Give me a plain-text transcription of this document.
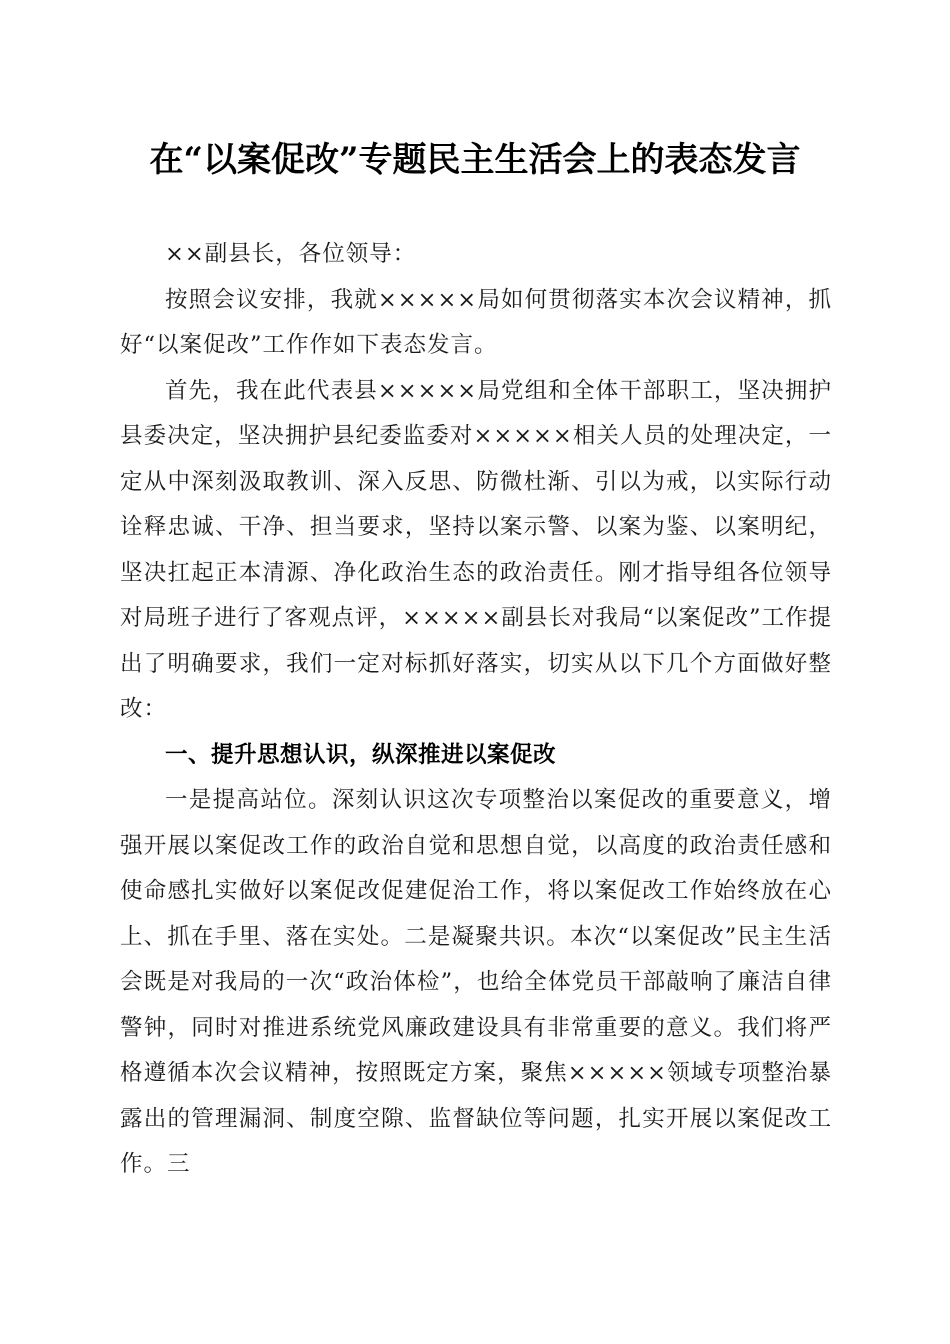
在“以案促改”专题民主生活会上的表态发言

××副县长，各位领导：

按照会议安排，我就×××××局如何贯彻落实本次会议精神，抓好“以案促改”工作作如下表态发言。

首先，我在此代表县×××××局党组和全体干部职工，坚决拥护县委决定，坚决拥护县纪委监委对×××××相关人员的处理决定，一定从中深刻汲取教训、深入反思、防微杜渐、引以为戒，以实际行动诠释忠诚、干净、担当要求，坚持以案示警、以案为鉴、以案明纪，坚决扛起正本清源、净化政治生态的政治责任。刚才指导组各位领导对局班子进行了客观点评，×××××副县长对我局“以案促改”工作提出了明确要求，我们一定对标抓好落实，切实从以下几个方面做好整改：

一、提升思想认识，纵深推进以案促改

一是提高站位。深刻认识这次专项整治以案促改的重要意义，增强开展以案促改工作的政治自觉和思想自觉，以高度的政治责任感和使命感扎实做好以案促改促建促治工作，将以案促改工作始终放在心上、抓在手里、落在实处。二是凝聚共识。本次“以案促改”民主生活会既是对我局的一次“政治体检”，也给全体党员干部敲响了廉洁自律警钟，同时对推进系统党风廉政建设具有非常重要的意义。我们将严格遵循本次会议精神，按照既定方案，聚焦×××××领域专项整治暴露出的管理漏洞、制度空隙、监督缺位等问题，扎实开展以案促改工作。三
